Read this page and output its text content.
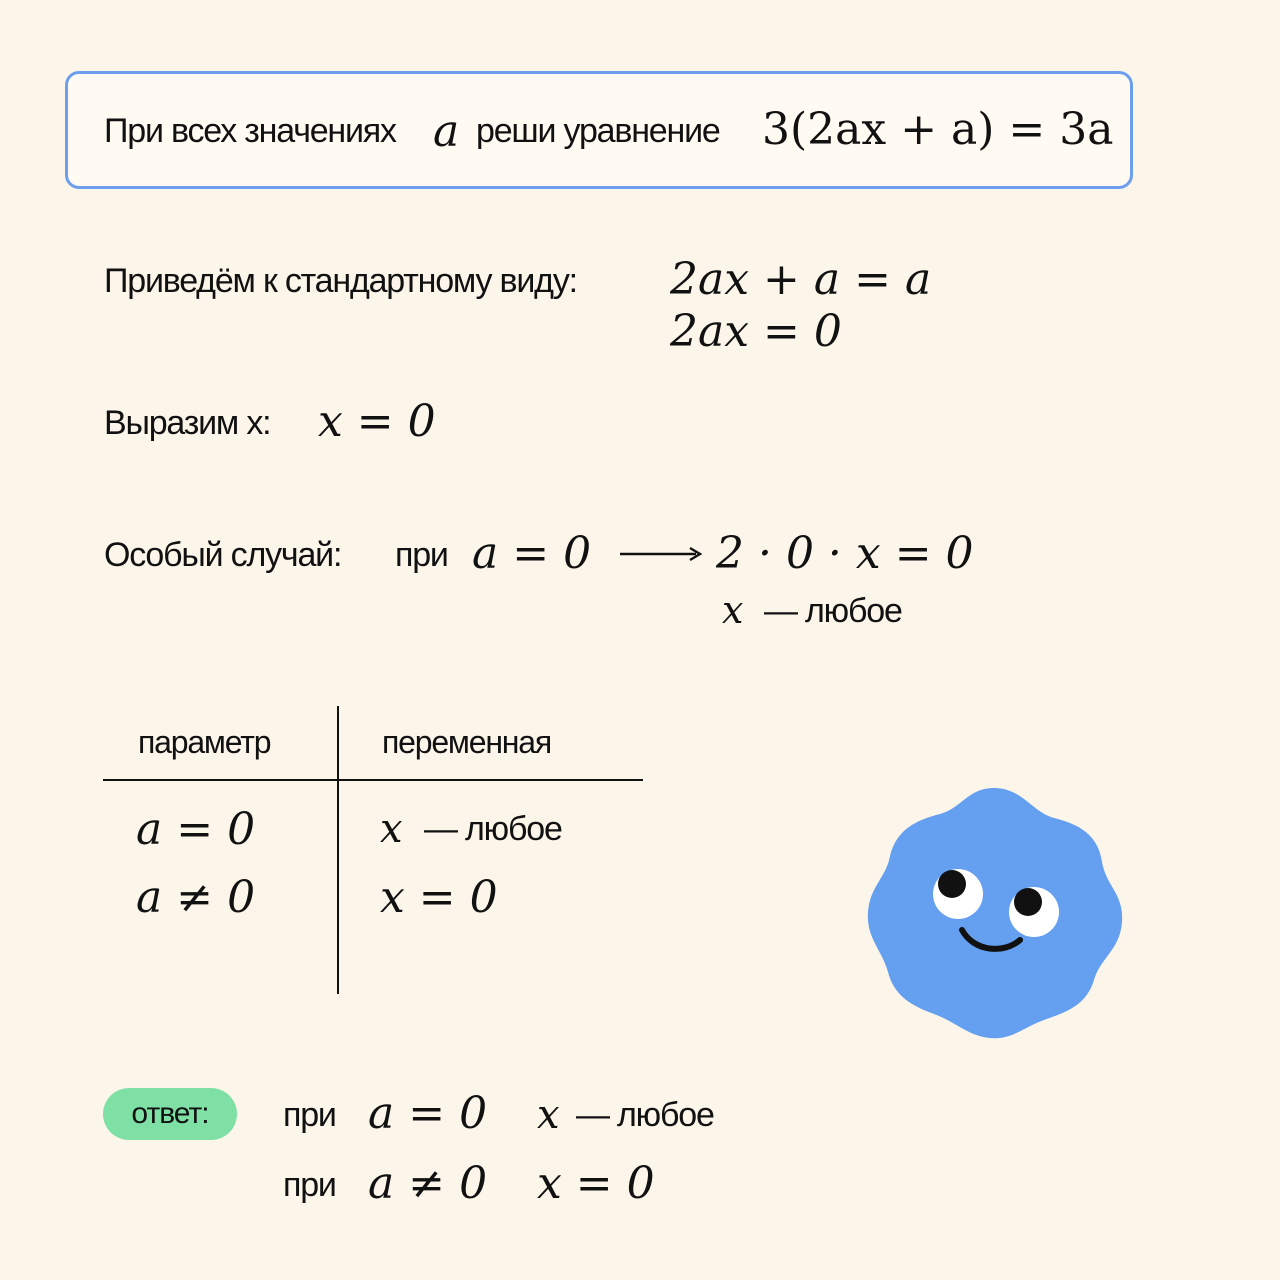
При всех значениях a реши уравнение 3(2ax + a) = 3a
Приведём к стандартному виду: 2ax + a = a
2ax = 0
Выразим х: x = 0
Особый случай: при a = 0	2 · 0 · x = 0
x — любое
параметр	переменная
a = 0	x — любое
a ≠ 0	x = 0
ответ:	при a = 0 x — любое
при a ≠ 0 x = 0
